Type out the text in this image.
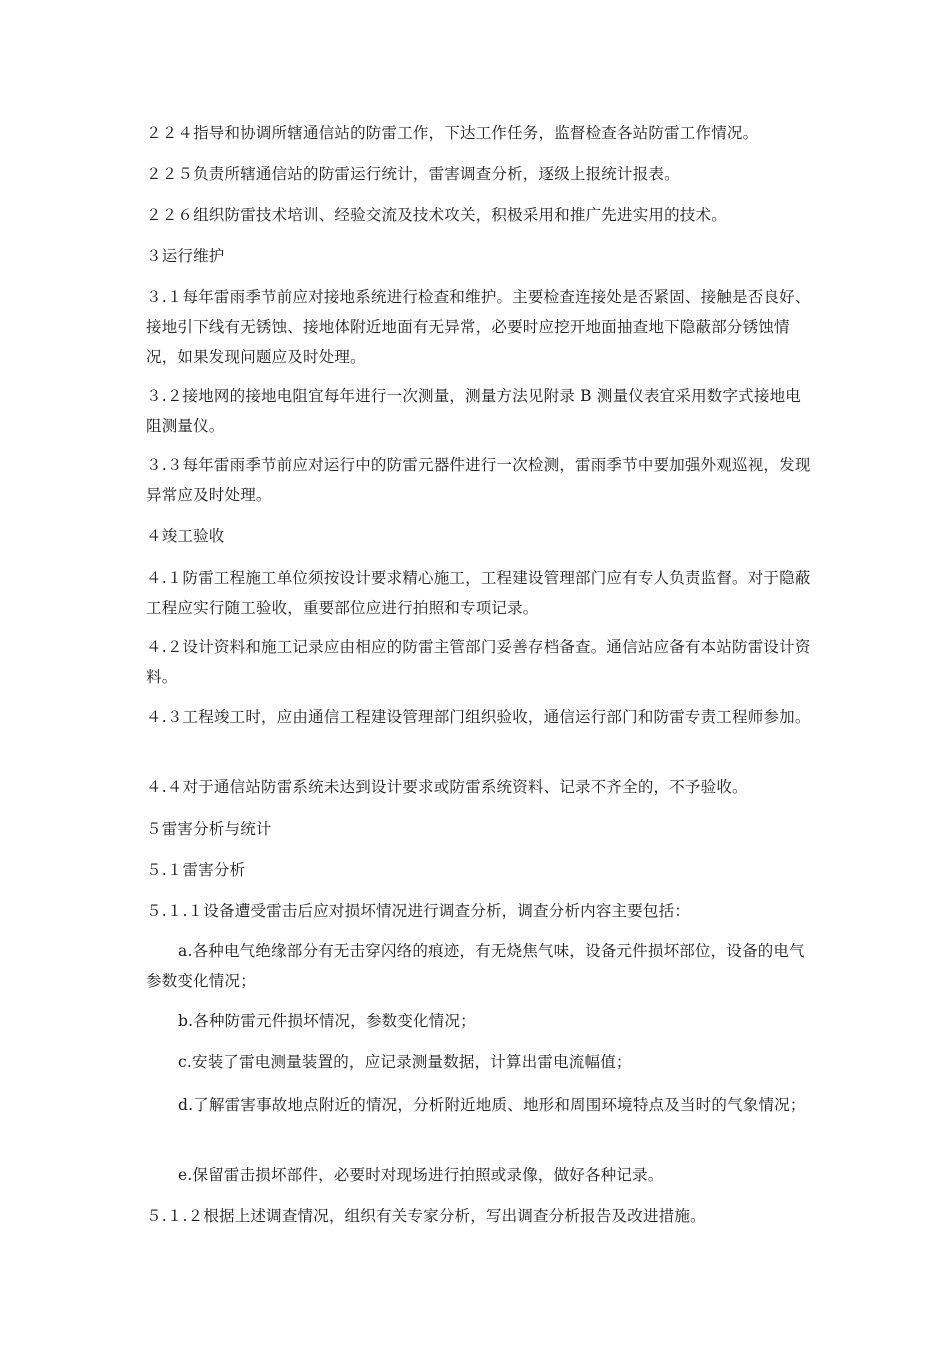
２２４指导和协调所辖通信站的防雷工作，下达工作任务，监督检查各站防雷工作情况。

２２５负责所辖通信站的防雷运行统计，雷害调查分析，逐级上报统计报表。

２２６组织防雷技术培训、经验交流及技术攻关，积极采用和推广先进实用的技术。

３运行维护

３.１每年雷雨季节前应对接地系统进行检查和维护。主要检查连接处是否紧固、接触是否良好、接地引下线有无锈蚀、接地体附近地面有无异常，必要时应挖开地面抽查地下隐蔽部分锈蚀情况，如果发现问题应及时处理。

３.２接地网的接地电阻宜每年进行一次测量，测量方法见附录 B 测量仪表宜采用数字式接地电阻测量仪。

３.３每年雷雨季节前应对运行中的防雷元器件进行一次检测，雷雨季节中要加强外观巡视，发现异常应及时处理。

４竣工验收

４.１防雷工程施工单位须按设计要求精心施工，工程建设管理部门应有专人负责监督。对于隐蔽工程应实行随工验收，重要部位应进行拍照和专项记录。

４.２设计资料和施工记录应由相应的防雷主管部门妥善存档备查。通信站应备有本站防雷设计资料。

４.３工程竣工时，应由通信工程建设管理部门组织验收，通信运行部门和防雷专责工程师参加。

４.４对于通信站防雷系统未达到设计要求或防雷系统资料、记录不齐全的，不予验收。

５雷害分析与统计

５.１雷害分析

５.１.１设备遭受雷击后应对损坏情况进行调查分析，调查分析内容主要包括：

a.各种电气绝缘部分有无击穿闪络的痕迹，有无烧焦气味，设备元件损坏部位，设备的电气参数变化情况；

b.各种防雷元件损坏情况，参数变化情况；

c.安装了雷电测量装置的，应记录测量数据，计算出雷电流幅值；

d.了解雷害事故地点附近的情况，分析附近地质、地形和周围环境特点及当时的气象情况；

e.保留雷击损坏部件，必要时对现场进行拍照或录像，做好各种记录。

５.１.２根据上述调查情况，组织有关专家分析，写出调查分析报告及改进措施。
